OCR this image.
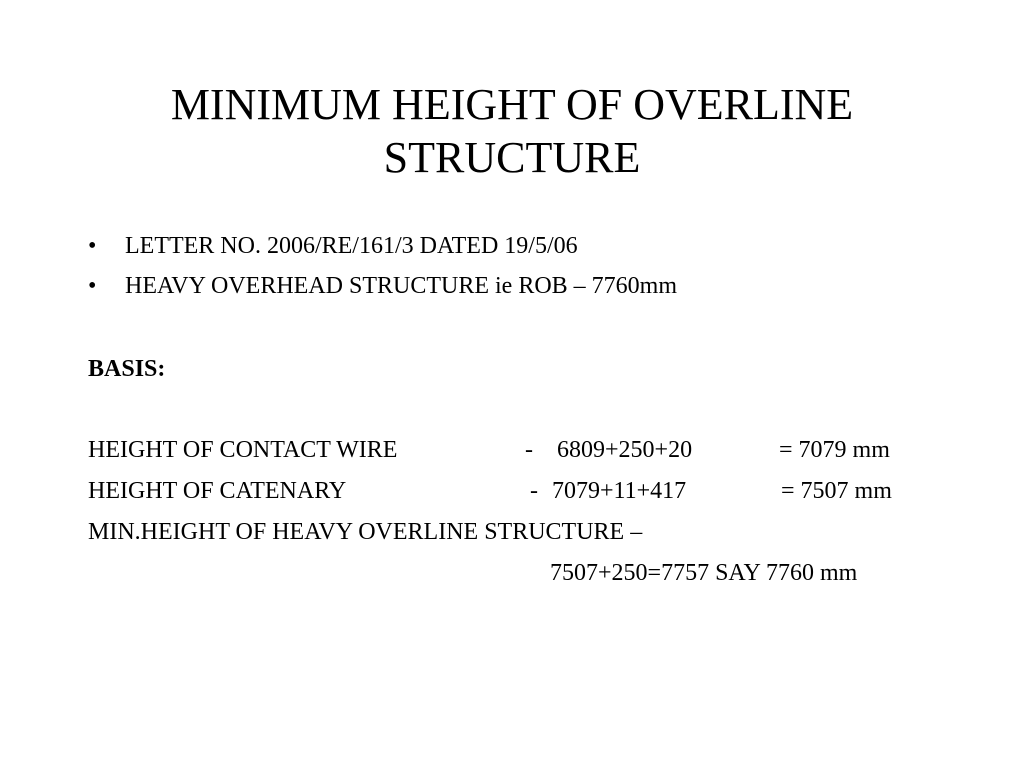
MINIMUM HEIGHT OF OVERLINE
STRUCTURE
• LETTER NO. 2006/RE/161/3 DATED 19/5/06
• HEAVY OVERHEAD STRUCTURE ie ROB – 7760mm
BASIS:
HEIGHT OF CONTACT WIRE	- 6809+250+20	= 7079 mm
HEIGHT OF CATENARY	- 7079+11+417	= 7507 mm
MIN.HEIGHT OF HEAVY OVERLINE STRUCTURE –
7507+250=7757 SAY 7760 mm
